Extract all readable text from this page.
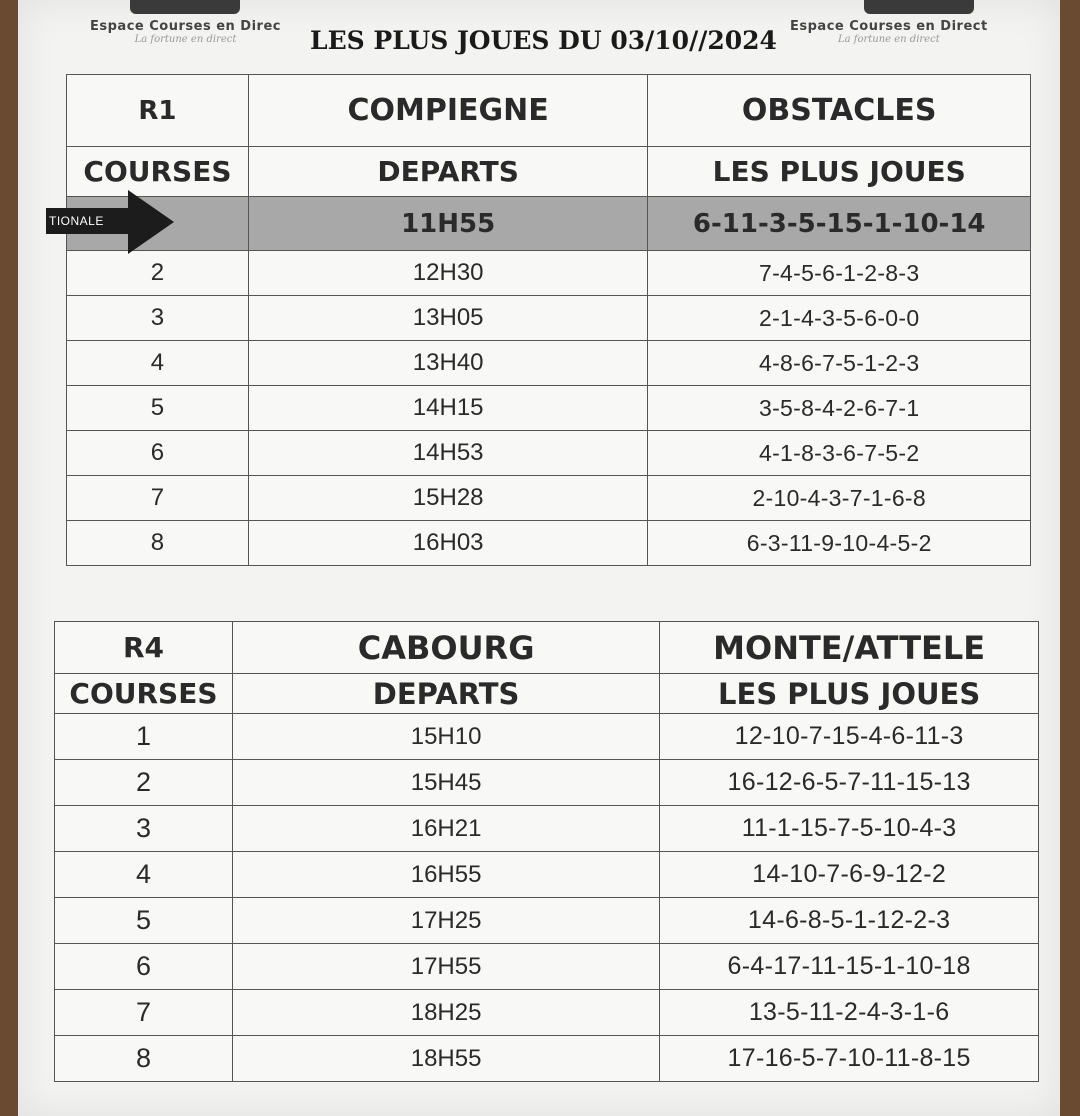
Espace Courses en Direc
La fortune en direct
Espace Courses en Direct
La fortune en direct
LES PLUS JOUES DU 03/10//2024
R1	COMPIEGNE	OBSTACLES
COURSES	DEPARTS	LES PLUS JOUES
	11H55	6-11-3-5-15-1-10-14
2	12H30	7-4-5-6-1-2-8-3
3	13H05	2-1-4-3-5-6-0-0
4	13H40	4-8-6-7-5-1-2-3
5	14H15	3-5-8-4-2-6-7-1
6	14H53	4-1-8-3-6-7-5-2
7	15H28	2-10-4-3-7-1-6-8
8	16H03	6-3-11-9-10-4-5-2
TIONALE
R4	CABOURG	MONTE/ATTELE
COURSES	DEPARTS	LES PLUS JOUES
1	15H10	12-10-7-15-4-6-11-3
2	15H45	16-12-6-5-7-11-15-13
3	16H21	11-1-15-7-5-10-4-3
4	16H55	14-10-7-6-9-12-2
5	17H25	14-6-8-5-1-12-2-3
6	17H55	6-4-17-11-15-1-10-18
7	18H25	13-5-11-2-4-3-1-6
8	18H55	17-16-5-7-10-11-8-15
